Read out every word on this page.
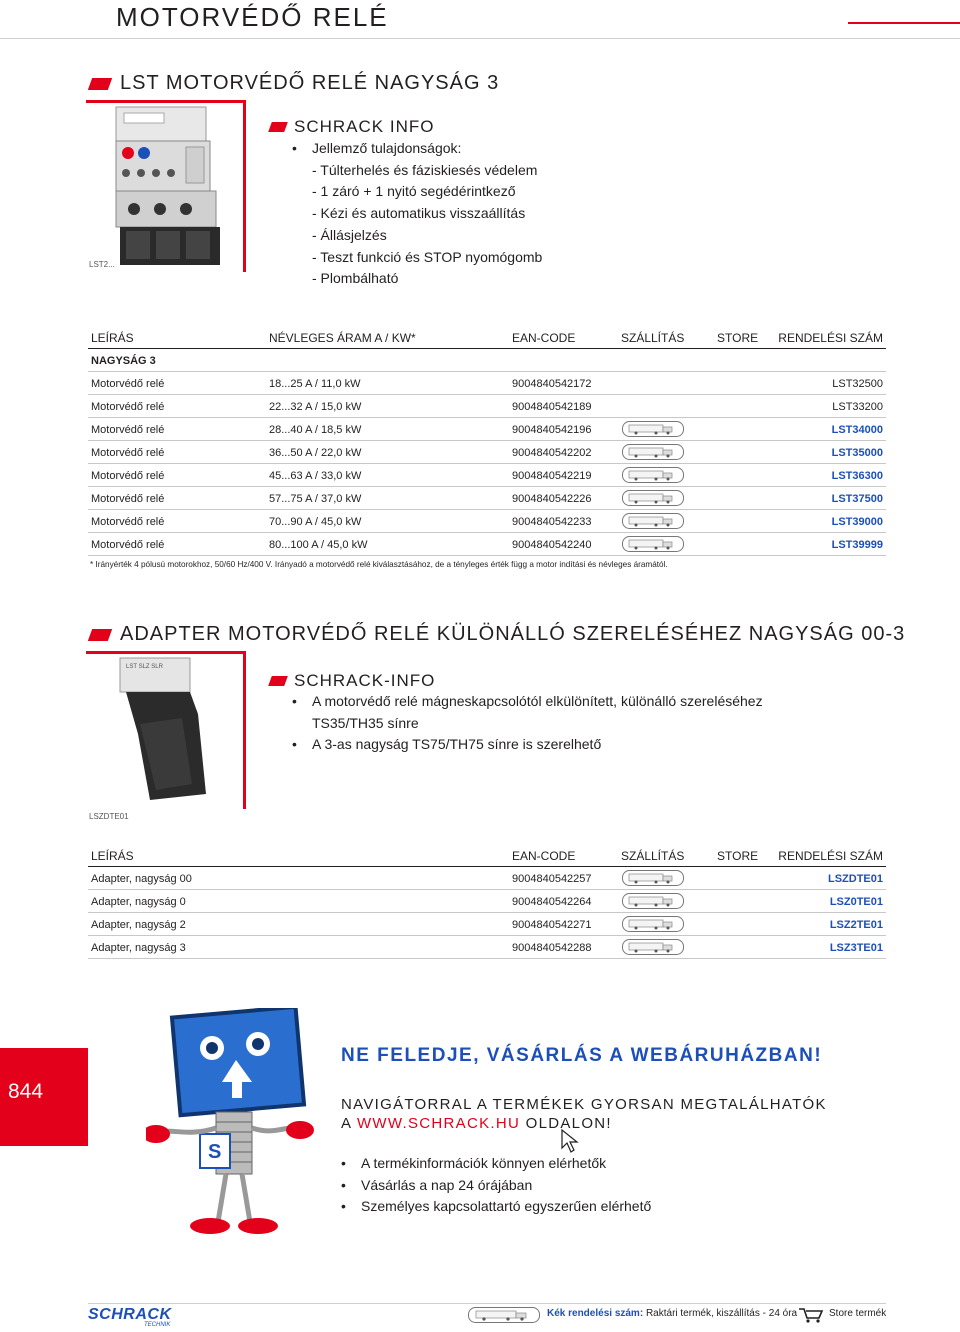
MOTORVÉDŐ RELÉ
LST MOTORVÉDŐ RELÉ NAGYSÁG 3
LST2...
SCHRACK INFO
•	Jellemző tulajdonságok:
- Túlterhelés és fáziskiesés védelem
- 1 záró + 1 nyitó segédérintkező
- Kézi és automatikus visszaállítás
- Állásjelzés
- Teszt funkció és STOP nyomógomb
- Plombálható
LEÍRÁS	NÉVLEGES ÁRAM A / KW*	EAN-CODE	SZÁLLÍTÁS	STORE RENDELÉSI SZÁM
NAGYSÁG 3
Motorvédő relé	18...25 A / 11,0 kW	9004840542172	LST32500
Motorvédő relé	22...32 A / 15,0 kW	9004840542189	LST33200
Motorvédő relé	28...40 A / 18,5 kW	9004840542196	LST34000
Motorvédő relé	36...50 A / 22,0 kW	9004840542202	LST35000
Motorvédő relé	45...63 A / 33,0 kW	9004840542219	LST36300
Motorvédő relé	57...75 A / 37,0 kW	9004840542226	LST37500
Motorvédő relé	70...90 A / 45,0 kW	9004840542233	LST39000
Motorvédő relé	80...100 A / 45,0 kW	9004840542240	LST39999
* Irányérték 4 pólusú motorokhoz, 50/60 Hz/400 V. Irányadó a motorvédő relé kiválasztásához, de a tényleges érték függ a motor indítási és névleges áramától.
ADAPTER MOTORVÉDŐ RELÉ KÜLÖNÁLLÓ SZERELÉSÉHEZ NAGYSÁG 00-3
LST SLZ SLR
LSZDTE01
SCHRACK-INFO
•	A motorvédő relé mágneskapcsolótól elkülönített, különálló szereléséhez
TS35/TH35 sínre
•	A 3-as nagyság TS75/TH75 sínre is szerelhető
LEÍRÁS	EAN-CODE	SZÁLLÍTÁS	STORE RENDELÉSI SZÁM
Adapter, nagyság 00	9004840542257	LSZDTE01
Adapter, nagyság 0	9004840542264	LSZ0TE01
Adapter, nagyság 2	9004840542271	LSZ2TE01
Adapter, nagyság 3	9004840542288	LSZ3TE01
844
S
NE FELEDJE, VÁSÁRLÁS A WEBÁRUHÁZBAN!
NAVIGÁTORRAL A TERMÉKEK GYORSAN MEGTALÁLHATÓK
A WWW.SCHRACK.HU OLDALON!
•	A termékinformációk könnyen elérhetők
•	Vásárlás a nap 24 órájában
•	Személyes kapcsolattartó egyszerűen elérhető
SCHRACK
TECHNIK
Kék rendelési szám: Raktári termék, kiszállítás - 24 óra	Store termék
